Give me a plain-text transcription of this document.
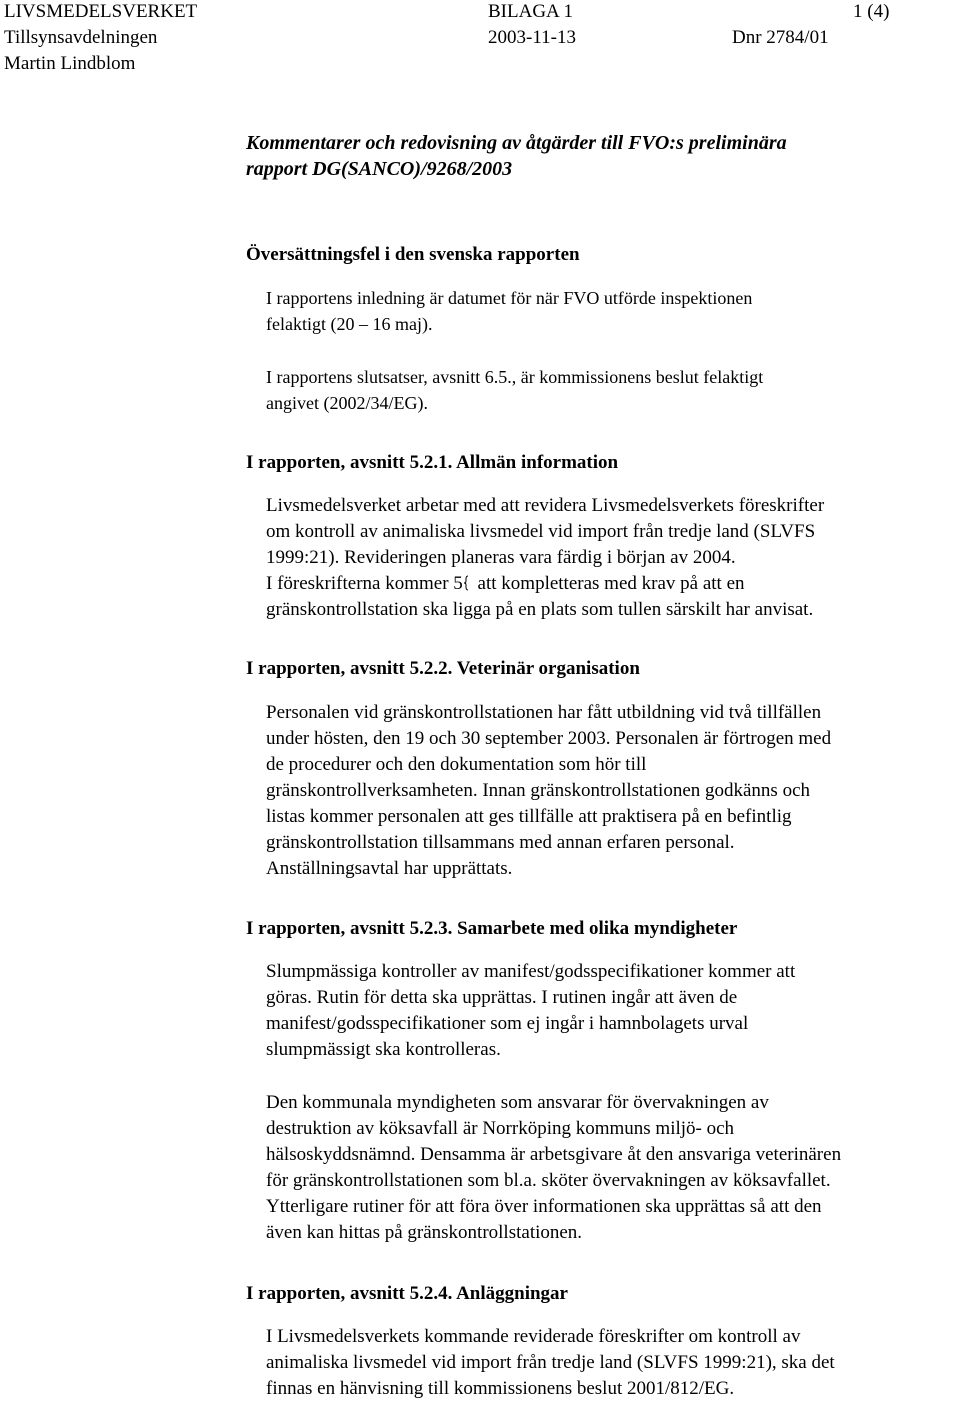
LIVSMEDELSVERKET	BILAGA 1	1 (4)
Tillsynsavdelningen	2003-11-13	Dnr 2784/01
Martin Lindblom
Kommentarer och redovisning av åtgärder till FVO:s preliminära
rapport DG(SANCO)/9268/2003
Översättningsfel i den svenska rapporten
I rapportens inledning är datumet för när FVO utförde inspektionen
felaktigt (20 – 16 maj).
I rapportens slutsatser, avsnitt 6.5., är kommissionens beslut felaktigt
angivet (2002/34/EG).
I rapporten, avsnitt 5.2.1. Allmän information
Livsmedelsverket arbetar med att revidera Livsmedelsverkets föreskrifter
om kontroll av animaliska livsmedel vid import från tredje land (SLVFS
1999:21). Revideringen planeras vara färdig i början av 2004.
I föreskrifterna kommer 5 att kompletteras med krav på att en
gränskontrollstation ska ligga på en plats som tullen särskilt har anvisat.
I rapporten, avsnitt 5.2.2. Veterinär organisation
Personalen vid gränskontrollstationen har fått utbildning vid två tillfällen
under hösten, den 19 och 30 september 2003. Personalen är förtrogen med
de procedurer och den dokumentation som hör till
gränskontrollverksamheten. Innan gränskontrollstationen godkänns och
listas kommer personalen att ges tillfälle att praktisera på en befintlig
gränskontrollstation tillsammans med annan erfaren personal.
Anställningsavtal har upprättats.
I rapporten, avsnitt 5.2.3. Samarbete med olika myndigheter
Slumpmässiga kontroller av manifest/godsspecifikationer kommer att
göras. Rutin för detta ska upprättas. I rutinen ingår att även de
manifest/godsspecifikationer som ej ingår i hamnbolagets urval
slumpmässigt ska kontrolleras.
Den kommunala myndigheten som ansvarar för övervakningen av
destruktion av köksavfall är Norrköping kommuns miljö- och
hälsoskyddsnämnd. Densamma är arbetsgivare åt den ansvariga veterinären
för gränskontrollstationen som bl.a. sköter övervakningen av köksavfallet.
Ytterligare rutiner för att föra över informationen ska upprättas så att den
även kan hittas på gränskontrollstationen.
I rapporten, avsnitt 5.2.4. Anläggningar
I Livsmedelsverkets kommande reviderade föreskrifter om kontroll av
animaliska livsmedel vid import från tredje land (SLVFS 1999:21), ska det
finnas en hänvisning till kommissionens beslut 2001/812/EG.
